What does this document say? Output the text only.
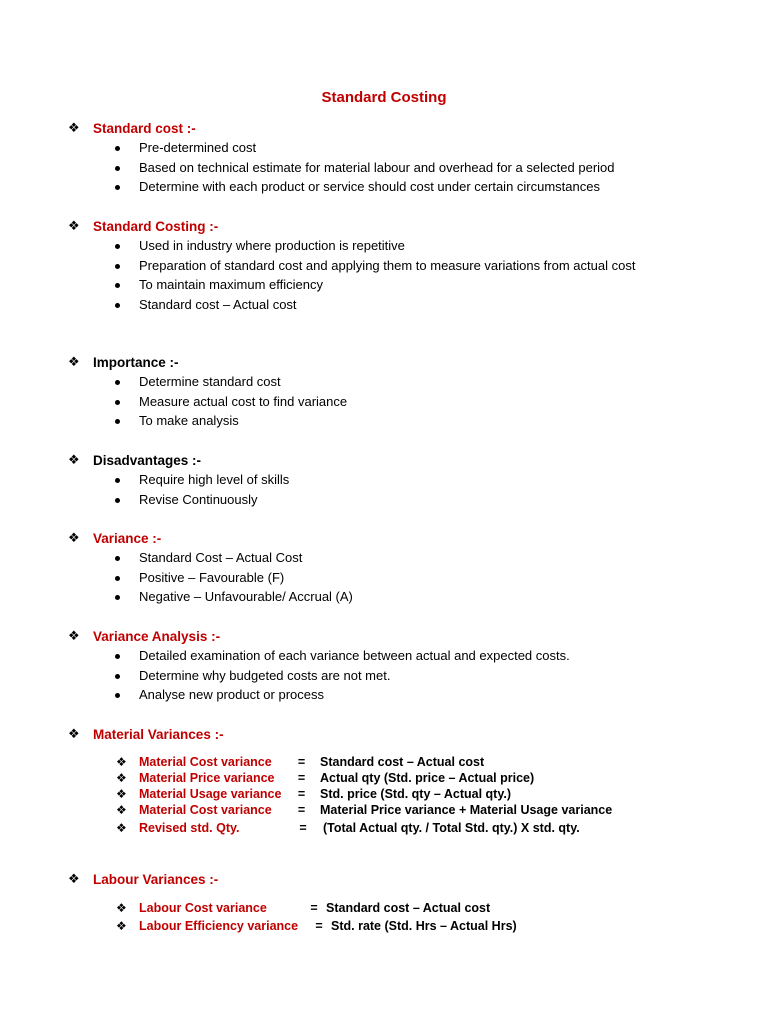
Standard Costing
❖ Standard cost :-
Pre-determined cost
Based on technical estimate for material labour and overhead for a selected period
Determine with each product or service should cost under certain circumstances
❖ Standard Costing :-
Used in industry where production is repetitive
Preparation of standard cost and applying them to measure variations from actual cost
To maintain maximum efficiency
Standard cost – Actual cost
❖ Importance :-
Determine standard cost
Measure actual cost to find variance
To make analysis
❖ Disadvantages :-
Require high level of skills
Revise Continuously
❖ Variance :-
Standard Cost – Actual Cost
Positive – Favourable (F)
Negative – Unfavourable/ Accrual (A)
❖ Variance Analysis :-
Detailed examination of each variance between actual and expected costs.
Determine why budgeted costs are not met.
Analyse new product or process
❖ Material Variances :-
❖ Material Cost variance	=	Standard cost – Actual cost
❖ Material Price variance	=	Actual qty (Std. price – Actual price)
❖ Material Usage variance	=	Std. price (Std. qty – Actual qty.)
❖ Material Cost variance	=	Material Price variance + Material Usage variance
❖ Revised std. Qty.	=	(Total Actual qty. / Total Std. qty.) X std. qty.
❖ Labour Variances :-
❖ Labour Cost variance	= Standard cost – Actual cost
❖ Labour Efficiency variance	= Std. rate (Std. Hrs – Actual Hrs)
